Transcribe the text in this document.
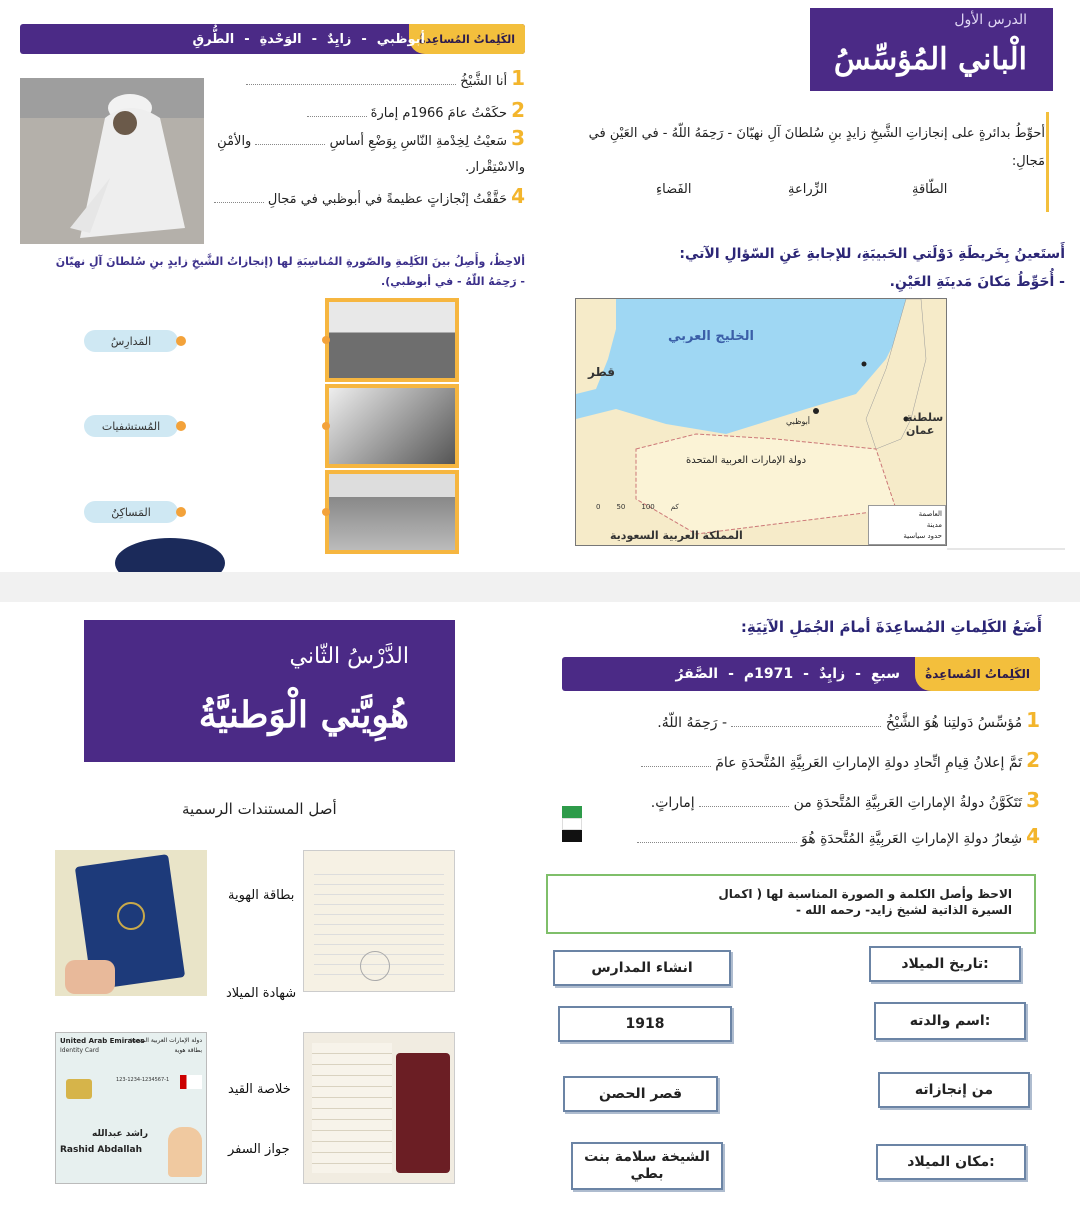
الكَلِماتُ المُساعِدةُ
أبوظبي
-
زايِدٌ
-
الوَحْدةِ
-
الطُّرقِ
1أنا الشَّيْخُ
2حكَمْتُ عامَ 1966م إمارةَ
3سَعيْتُ لِخِدْمةِ النّاسِ بِوَضْعِ أساسِ  والأمْنِ
والاسْتِقْرار.
4حَقَّقْتُ إنْجازاتٍ عظيمةً في أبوظبي في مَجالِ
ألاحِظُ، وأَصِلُ بينَ الكَلِمةِ والصّورةِ المُناسِبَةِ لها (إنجازاتُ الشَّيخِ زايدٍ بنِ سُلطانَ آلِ نهيّانَ
- رَحِمَهُ اللّهُ - في أبوظبي).
المَدارِسُ
المُستشفيات
المَساكِنُ
الدرس الأول
الْباني المُؤسِّسُ
أحوِّطُ بدائرةٍ على إنجازاتِ الشَّيخِ زايدٍ بنِ سُلطانَ آلِ نهيّانَ - رَحِمَهُ اللّهُ - في العَيْنِ في
مَجالِ:
الطّاقةِ
الزِّراعةِ
الفَضاءِ
أَستَعينُ بِخَريطَةِ دَوْلَتي الحَبيبَةِ، للإجابةِ عَنِ السّؤالِ الآتي:
- أُحَوِّطُ مَكانَ مَدينَةِ العَيْنِ.
الخليج العربي
قطر
سلطنة
عمان
دولة الإمارات العربية المتحدة
أبوظبي
المملكة العربية السعودية
0 50 100 كم
العاصمة
مدينة
حدود سياسية
الدَّرْسُ الثّاني
هُوِيَّتي الْوَطنيَّةُ
أصل المستندات الرسمية
بطاقة الهوية
شهادة الميلاد
خلاصة القيد
جواز السفر
United Arab Emirates
Identity Card
دولة الإمارات العربية المتحدة
بطاقة هوية
123-1234-1234567-1
راشد عبدالله
Rashid Abdallah
أَضَعُ الكَلِماتِ المُساعِدَةَ أمامَ الجُمَلِ الآتِيَةِ:
الكَلِماتُ المُساعِدةُ
سبعِ
-
زايِدٌ
-
1971م
-
الصَّقرُ
1مُؤسِّسُ دَولتِنا هُوَ الشَّيْخُ  - رَحِمَهُ اللّهُ.
2تَمَّ إعلانُ قِيامِ اتِّحادِ دولةِ الإماراتِ العَربِيَّةِ المُتَّحدَةِ عامَ
3تَتَكَوَّنُ دولةُ الإماراتِ العَربِيَّةِ المُتَّحدَةِ من  إماراتٍ.
4شِعارُ دولةِ الإماراتِ العَربِيَّةِ المُتَّحدَةِ هُوَ
الاحظ وأصل الكلمة و الصورة المناسبة لها ( اكمال
السيرة الذاتية لشيخ زايد- رحمه الله -
انشاء المدارس
1918
قصر الحصن
الشيخة سلامة بنت بطي
تاريخ الميلاد:
اسم والدته:
من إنجازاته
مكان الميلاد:
